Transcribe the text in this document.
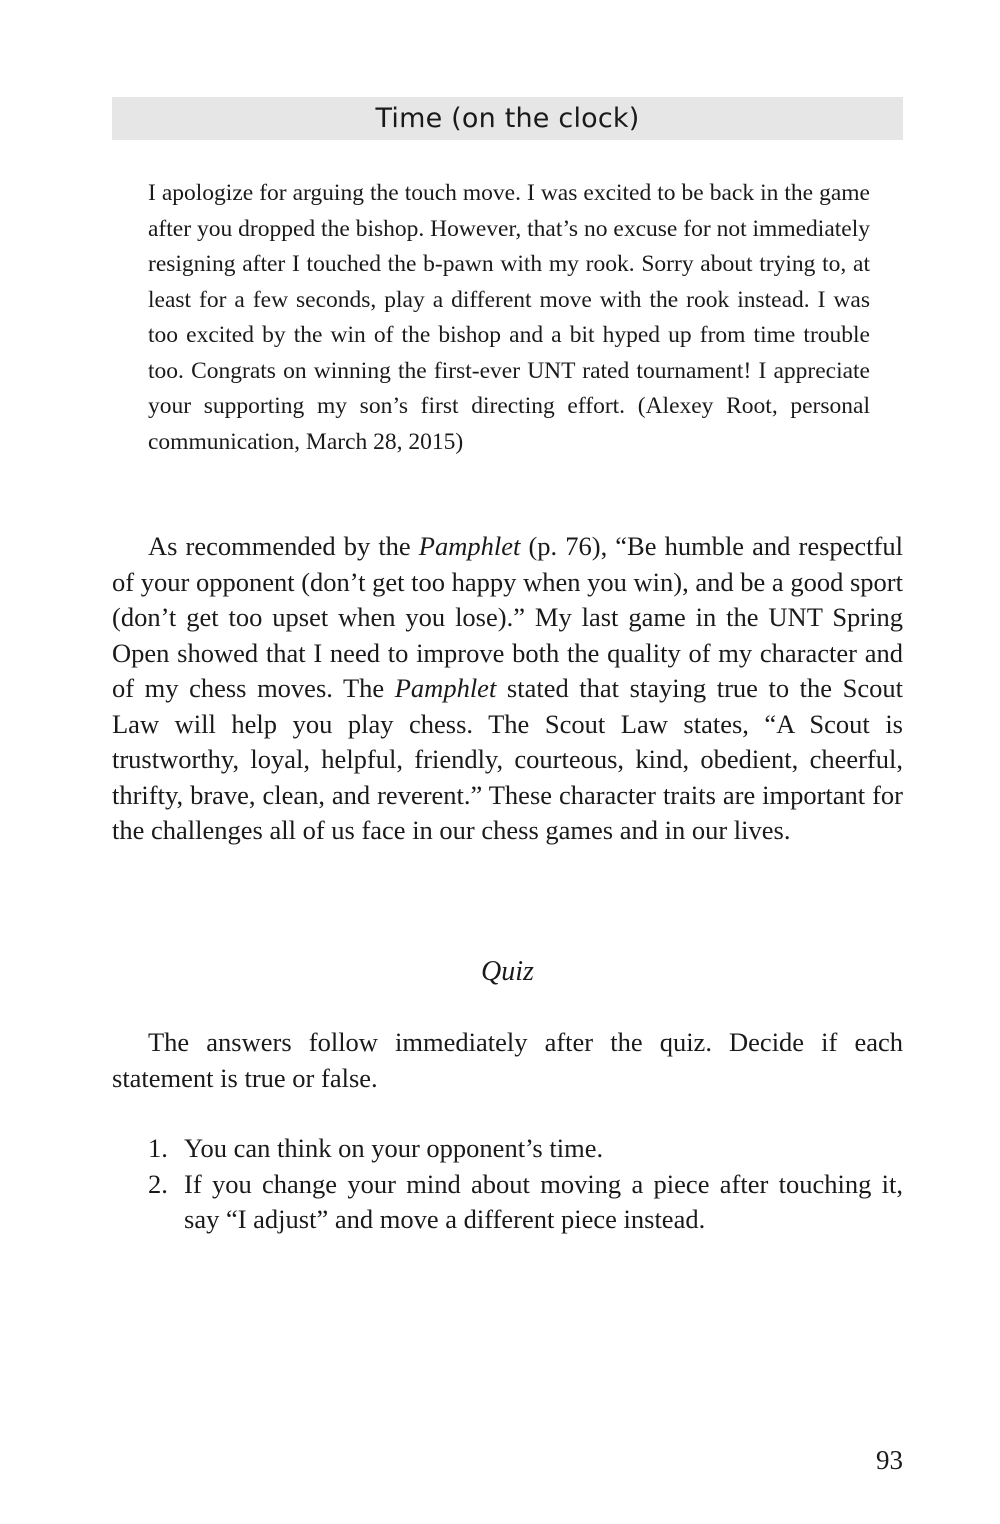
Time (on the clock)

I apologize for arguing the touch move. I was excited to be back in the game after you dropped the bishop. However, that’s no excuse for not immediately resigning after I touched the b-pawn with my rook. Sorry about trying to, at least for a few seconds, play a different move with the rook instead. I was too excited by the win of the bishop and a bit hyped up from time trouble too. Congrats on winning the first-ever UNT rated tournament! I appreciate your supporting my son’s first directing effort. (Alexey Root, personal communication, March 28, 2015)

As recommended by the Pamphlet (p. 76), “Be humble and respectful of your opponent (don’t get too happy when you win), and be a good sport (don’t get too upset when you lose).” My last game in the UNT Spring Open showed that I need to improve both the quality of my character and of my chess moves. The Pamphlet stated that staying true to the Scout Law will help you play chess. The Scout Law states, “A Scout is trustworthy, loyal, helpful, friendly, courteous, kind, obedient, cheerful, thrifty, brave, clean, and reverent.” These character traits are important for the challenges all of us face in our chess games and in our lives.

Quiz

The answers follow immediately after the quiz. Decide if each statement is true or false.

1. You can think on your opponent’s time.
2. If you change your mind about moving a piece after touching it, say “I adjust” and move a different piece instead.
93
